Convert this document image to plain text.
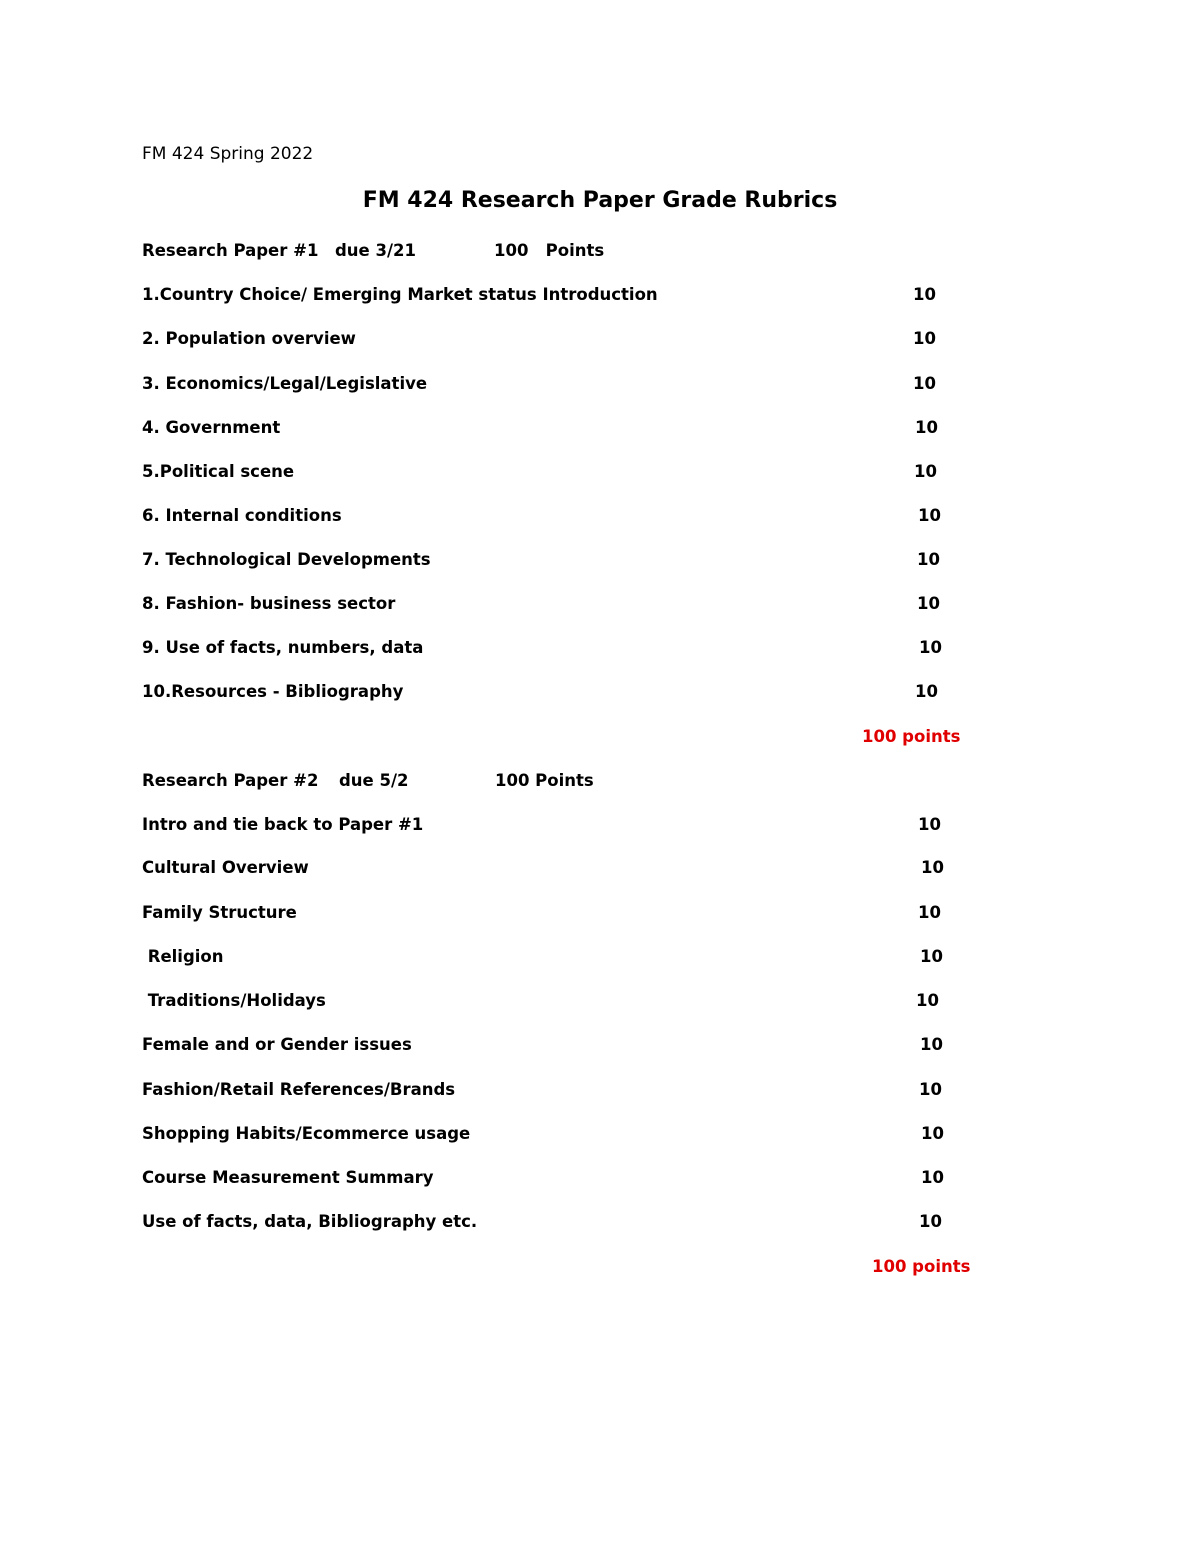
FM 424 Spring 2022
FM 424 Research Paper Grade Rubrics
Research Paper #1 due 3/21	100   Points
1.Country Choice/ Emerging Market status Introduction	10
2. Population overview	10
3. Economics/Legal/Legislative	10
4. Government	10
5.Political scene	10
6. Internal conditions	10
7. Technological Developments	10
8. Fashion- business sector	10
9. Use of facts, numbers, data	10
10.Resources - Bibliography	10
100 points
Research Paper #2 due 5/2	100 Points
Intro and tie back to Paper #1	10
Cultural Overview	10
Family Structure	10
Religion	10
Traditions/Holidays	10
Female and or Gender issues	10
Fashion/Retail References/Brands	10
Shopping Habits/Ecommerce usage	10
Course Measurement Summary	10
Use of facts, data, Bibliography etc.	10
100 points
